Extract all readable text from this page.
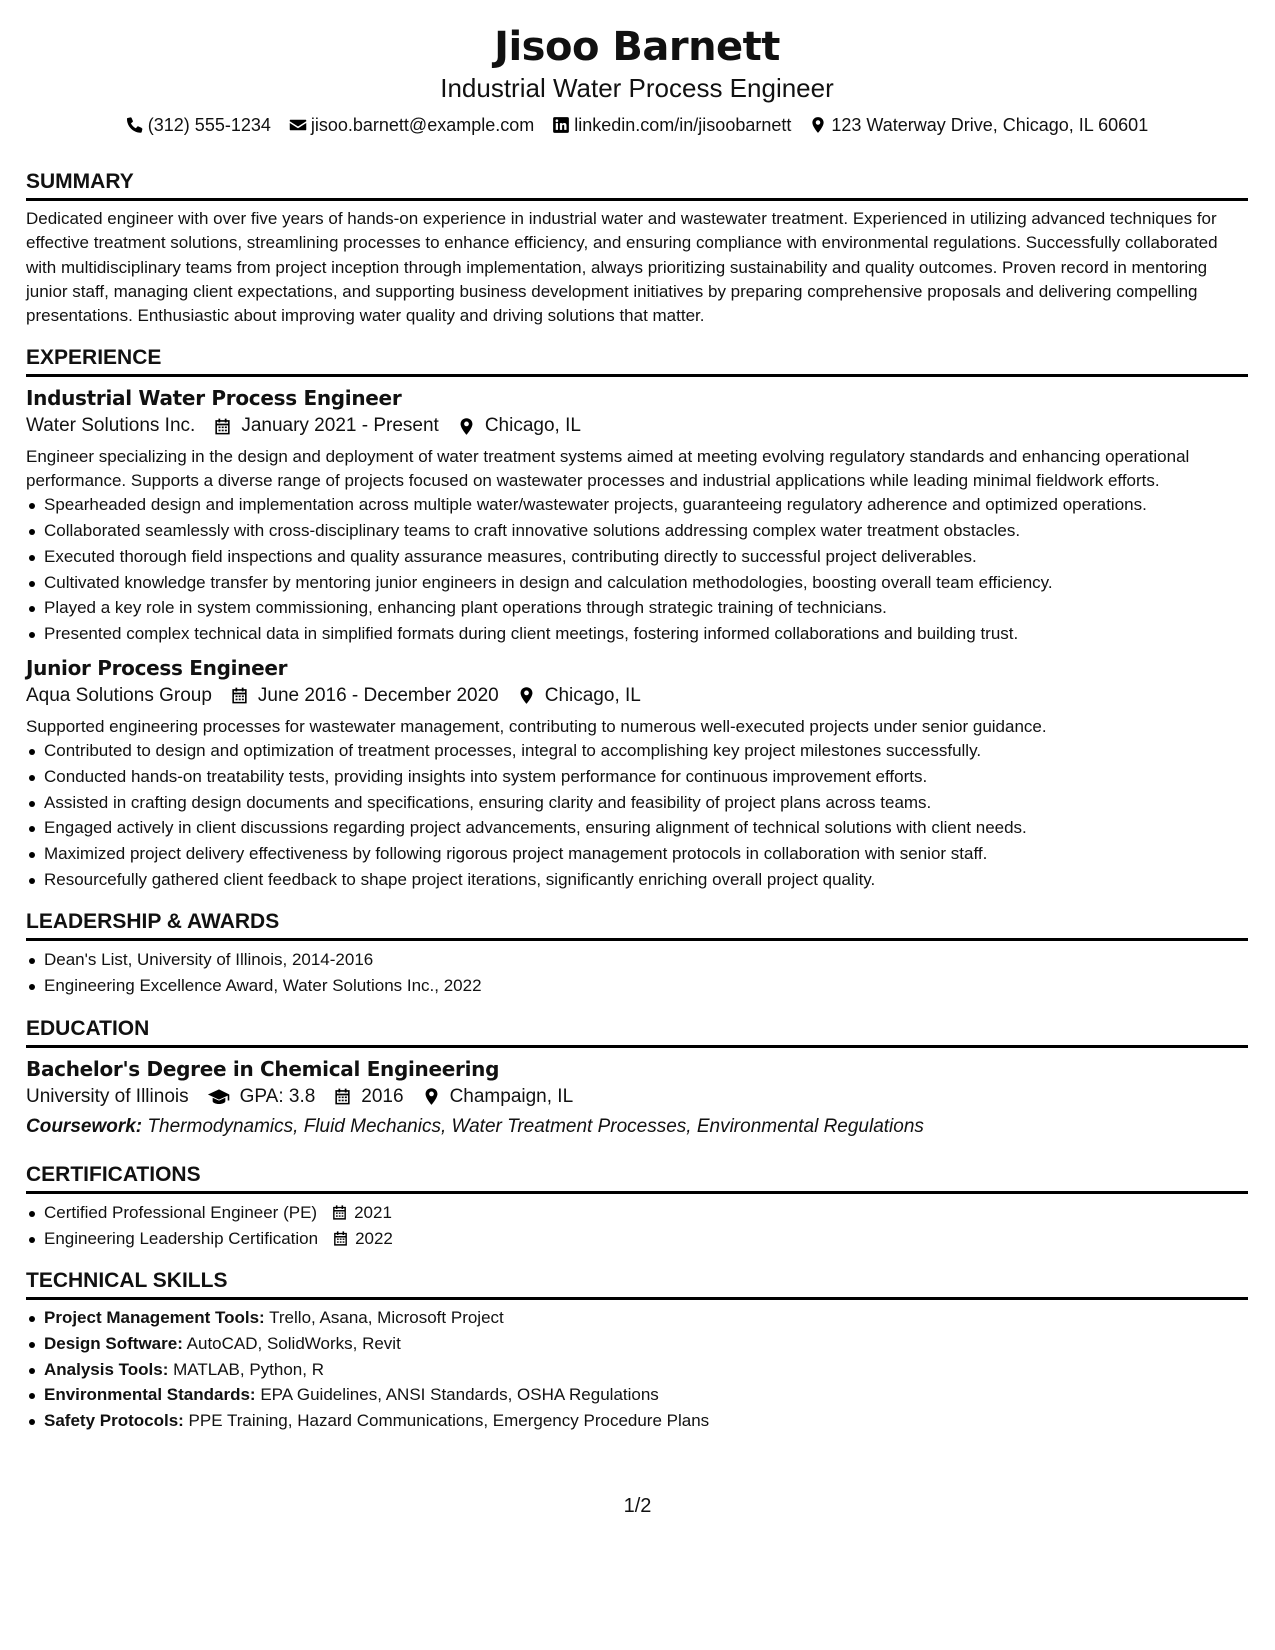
Jisoo Barnett
Industrial Water Process Engineer
(312) 555-1234 jisoo.barnett@example.com linkedin.com/in/jisoobarnett 123 Waterway Drive, Chicago, IL 60601
SUMMARY

Dedicated engineer with over five years of hands-on experience in industrial water and wastewater treatment. Experienced in utilizing advanced techniques for effective treatment solutions, streamlining processes to enhance efficiency, and ensuring compliance with environmental regulations. Successfully collaborated with multidisciplinary teams from project inception through implementation, always prioritizing sustainability and quality outcomes. Proven record in mentoring junior staff, managing client expectations, and supporting business development initiatives by preparing comprehensive proposals and delivering compelling presentations. Enthusiastic about improving water quality and driving solutions that matter.

EXPERIENCE
Industrial Water Process Engineer
Water Solutions Inc. January 2021 - Present Chicago, IL

Engineer specializing in the design and deployment of water treatment systems aimed at meeting evolving regulatory standards and enhancing operational performance. Supports a diverse range of projects focused on wastewater processes and industrial applications while leading minimal fieldwork efforts.

Spearheaded design and implementation across multiple water/wastewater projects, guaranteeing regulatory adherence and optimized operations.
Collaborated seamlessly with cross-disciplinary teams to craft innovative solutions addressing complex water treatment obstacles.
Executed thorough field inspections and quality assurance measures, contributing directly to successful project deliverables.
Cultivated knowledge transfer by mentoring junior engineers in design and calculation methodologies, boosting overall team efficiency.
Played a key role in system commissioning, enhancing plant operations through strategic training of technicians.
Presented complex technical data in simplified formats during client meetings, fostering informed collaborations and building trust.
Junior Process Engineer
Aqua Solutions Group June 2016 - December 2020 Chicago, IL

Supported engineering processes for wastewater management, contributing to numerous well-executed projects under senior guidance.

Contributed to design and optimization of treatment processes, integral to accomplishing key project milestones successfully.
Conducted hands-on treatability tests, providing insights into system performance for continuous improvement efforts.
Assisted in crafting design documents and specifications, ensuring clarity and feasibility of project plans across teams.
Engaged actively in client discussions regarding project advancements, ensuring alignment of technical solutions with client needs.
Maximized project delivery effectiveness by following rigorous project management protocols in collaboration with senior staff.
Resourcefully gathered client feedback to shape project iterations, significantly enriching overall project quality.
LEADERSHIP & AWARDS
Dean's List, University of Illinois, 2014-2016
Engineering Excellence Award, Water Solutions Inc., 2022
EDUCATION
Bachelor's Degree in Chemical Engineering
University of Illinois	GPA: 3.8 2016 Champaign, IL
Coursework: Thermodynamics, Fluid Mechanics, Water Treatment Processes, Environmental Regulations
CERTIFICATIONS
Certified Professional Engineer (PE) 2021
Engineering Leadership Certification 2022
TECHNICAL SKILLS
Project Management Tools: Trello, Asana, Microsoft Project
Design Software: AutoCAD, SolidWorks, Revit
Analysis Tools: MATLAB, Python, R
Environmental Standards: EPA Guidelines, ANSI Standards, OSHA Regulations
Safety Protocols: PPE Training, Hazard Communications, Emergency Procedure Plans
1/2
